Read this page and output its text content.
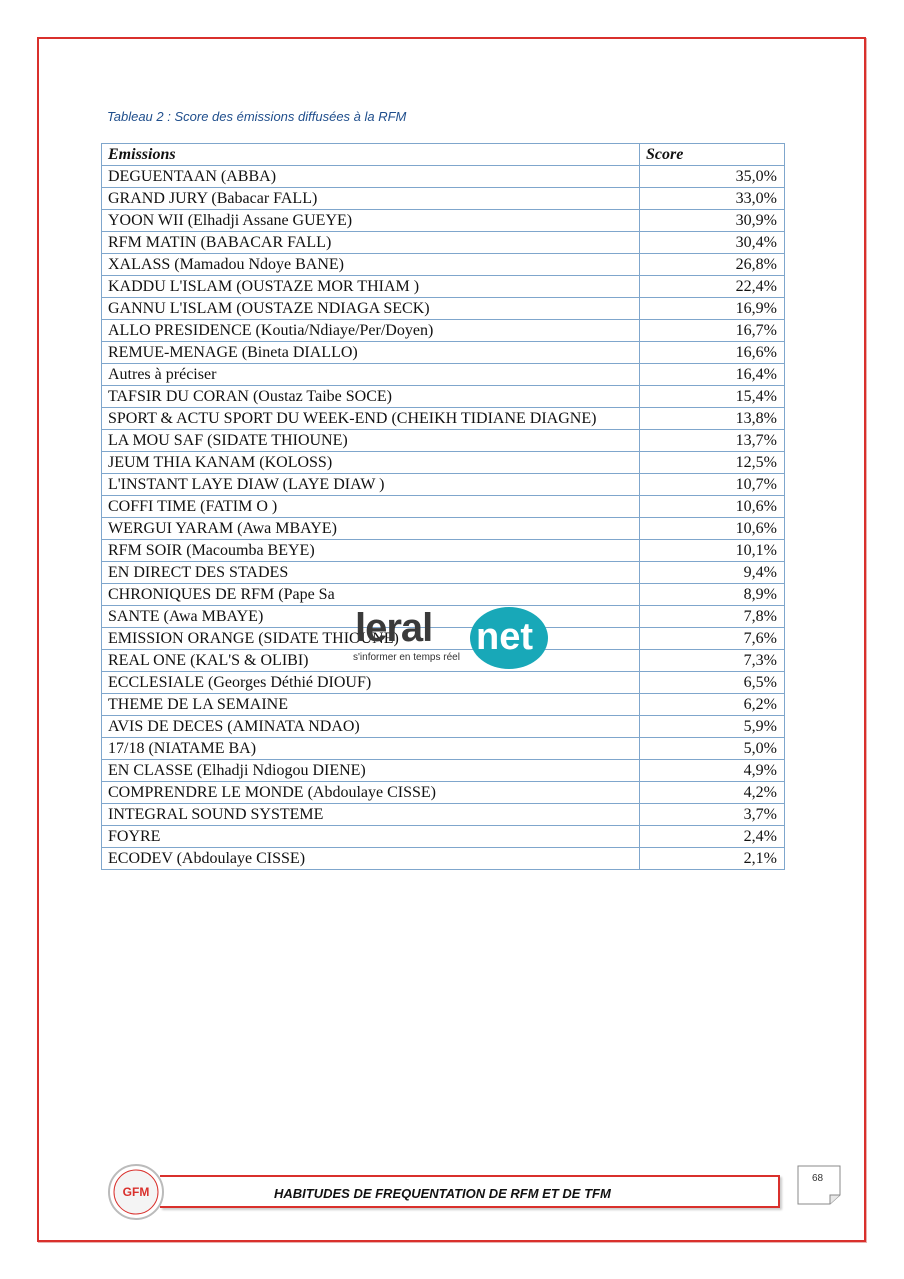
Tableau 2 : Score des émissions diffusées à la RFM
Emissions	Score
DEGUENTAAN (ABBA)	35,0%
GRAND JURY (Babacar FALL)	33,0%
YOON WII (Elhadji Assane GUEYE)	30,9%
RFM MATIN (BABACAR FALL)	30,4%
XALASS (Mamadou Ndoye BANE)	26,8%
KADDU L'ISLAM (OUSTAZE MOR THIAM )	22,4%
GANNU L'ISLAM (OUSTAZE NDIAGA SECK)	16,9%
ALLO PRESIDENCE (Koutia/Ndiaye/Per/Doyen)	16,7%
REMUE-MENAGE (Bineta DIALLO)	16,6%
Autres à préciser	16,4%
TAFSIR DU CORAN (Oustaz Taibe SOCE)	15,4%
SPORT & ACTU SPORT DU WEEK-END (CHEIKH TIDIANE DIAGNE)	13,8%
LA MOU SAF (SIDATE THIOUNE)	13,7%
JEUM THIA KANAM (KOLOSS)	12,5%
L'INSTANT LAYE DIAW (LAYE DIAW )	10,7%
COFFI TIME (FATIM O )	10,6%
WERGUI YARAM (Awa MBAYE)	10,6%
RFM SOIR (Macoumba BEYE)	10,1%
EN DIRECT DES STADES	9,4%
CHRONIQUES DE RFM (Pape Sa	8,9%
SANTE (Awa MBAYE)	7,8%
EMISSION ORANGE (SIDATE THIOUNE)	7,6%
REAL ONE (KAL'S & OLIBI)	7,3%
ECCLESIALE (Georges Déthié DIOUF)	6,5%
THEME DE LA SEMAINE	6,2%
AVIS DE DECES (AMINATA NDAO)	5,9%
17/18 (NIATAME BA)	5,0%
EN CLASSE (Elhadji Ndiogou DIENE)	4,9%
COMPRENDRE LE MONDE (Abdoulaye CISSE)	4,2%
INTEGRAL SOUND SYSTEME	3,7%
FOYRE	2,4%
ECODEV (Abdoulaye CISSE)	2,1%
leral net
s'informer en temps réel
GFM	HABITUDES DE FREQUENTATION DE RFM ET DE TFM
68
